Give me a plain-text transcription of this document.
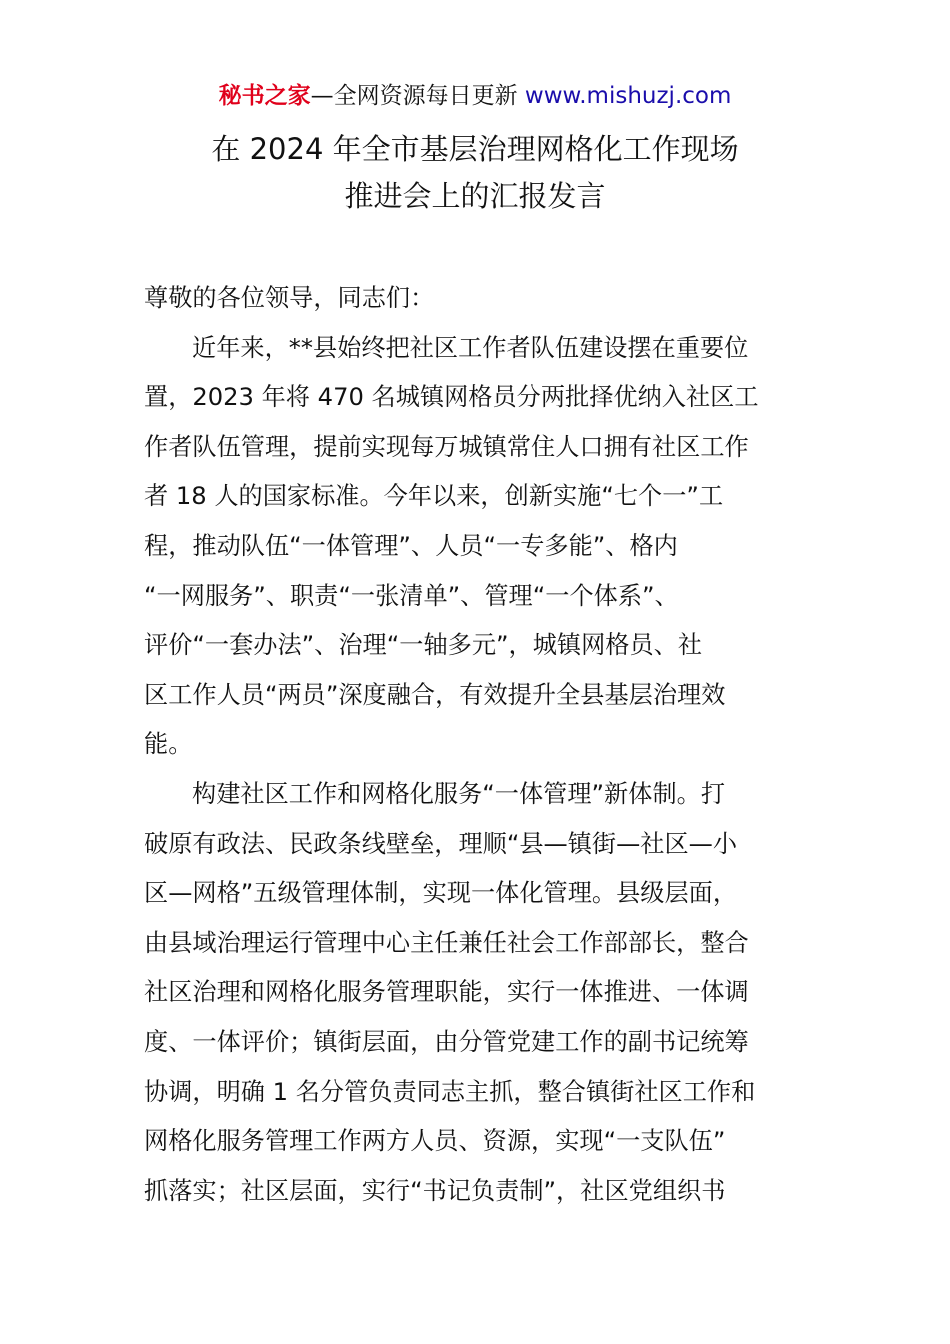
秘书之家—全网资源每日更新 www.mishuzj.com
在 2024 年全市基层治理网格化工作现场
推进会上的汇报发言
尊敬的各位领导，同志们：
近年来，**县始终把社区工作者队伍建设摆在重要位
置，2023 年将 470 名城镇网格员分两批择优纳入社区工
作者队伍管理，提前实现每万城镇常住人口拥有社区工作
者 18 人的国家标准。今年以来，创新实施“七个一”工
程，推动队伍“一体管理”、人员“一专多能”、格内
“一网服务”、职责“一张清单”、管理“一个体系”、
评价“一套办法”、治理“一轴多元”，城镇网格员、社
区工作人员“两员”深度融合，有效提升全县基层治理效
能。
构建社区工作和网格化服务“一体管理”新体制。打
破原有政法、民政条线壁垒，理顺“县—镇街—社区—小
区—网格”五级管理体制，实现一体化管理。县级层面，
由县域治理运行管理中心主任兼任社会工作部部长，整合
社区治理和网格化服务管理职能，实行一体推进、一体调
度、一体评价；镇街层面，由分管党建工作的副书记统筹
协调，明确 1 名分管负责同志主抓，整合镇街社区工作和
网格化服务管理工作两方人员、资源，实现“一支队伍”
抓落实；社区层面，实行“书记负责制”，社区党组织书
